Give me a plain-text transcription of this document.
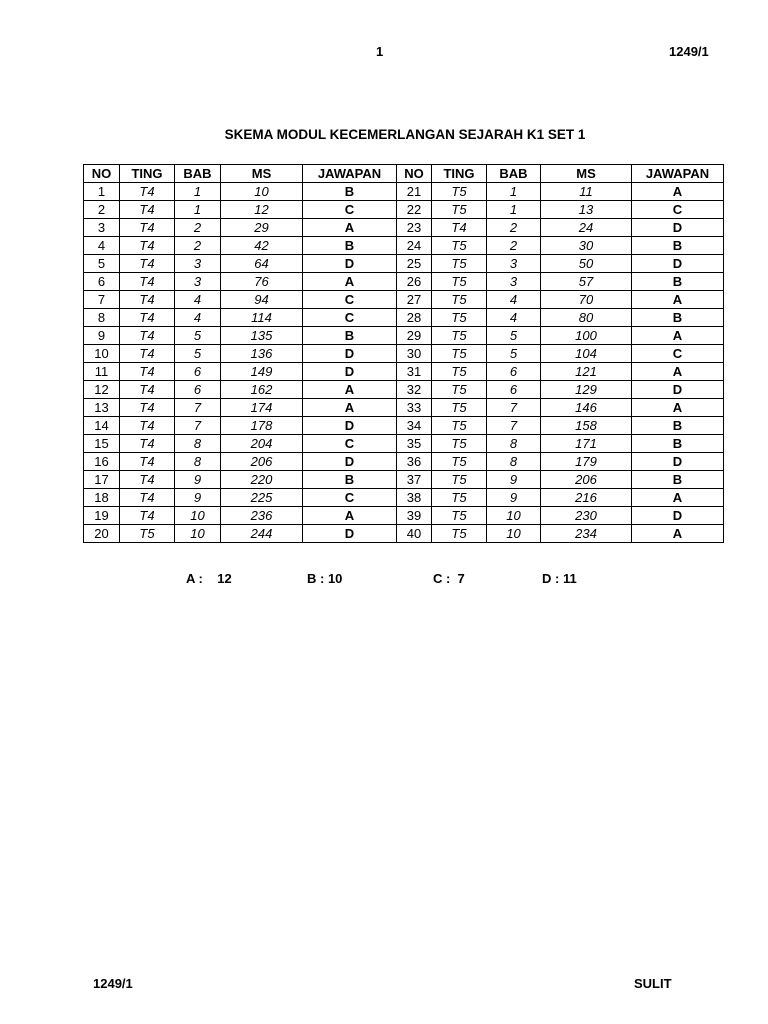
1	1249/1
SKEMA MODUL KECEMERLANGAN SEJARAH K1 SET 1
NO	TING	BAB	MS	JAWAPAN	NO	TING	BAB	MS	JAWAPAN
1	T4	1	10	B	21	T5	1	11	A
2	T4	1	12	C	22	T5	1	13	C
3	T4	2	29	A	23	T4	2	24	D
4	T4	2	42	B	24	T5	2	30	B
5	T4	3	64	D	25	T5	3	50	D
6	T4	3	76	A	26	T5	3	57	B
7	T4	4	94	C	27	T5	4	70	A
8	T4	4	114	C	28	T5	4	80	B
9	T4	5	135	B	29	T5	5	100	A
10	T4	5	136	D	30	T5	5	104	C
11	T4	6	149	D	31	T5	6	121	A
12	T4	6	162	A	32	T5	6	129	D
13	T4	7	174	A	33	T5	7	146	A
14	T4	7	178	D	34	T5	7	158	B
15	T4	8	204	C	35	T5	8	171	B
16	T4	8	206	D	36	T5	8	179	D
17	T4	9	220	B	37	T5	9	206	B
18	T4	9	225	C	38	T5	9	216	A
19	T4	10	236	A	39	T5	10	230	D
20	T5	10	244	D	40	T5	10	234	A
A :    12	B : 10	C :  7	D : 11
1249/1	SULIT
